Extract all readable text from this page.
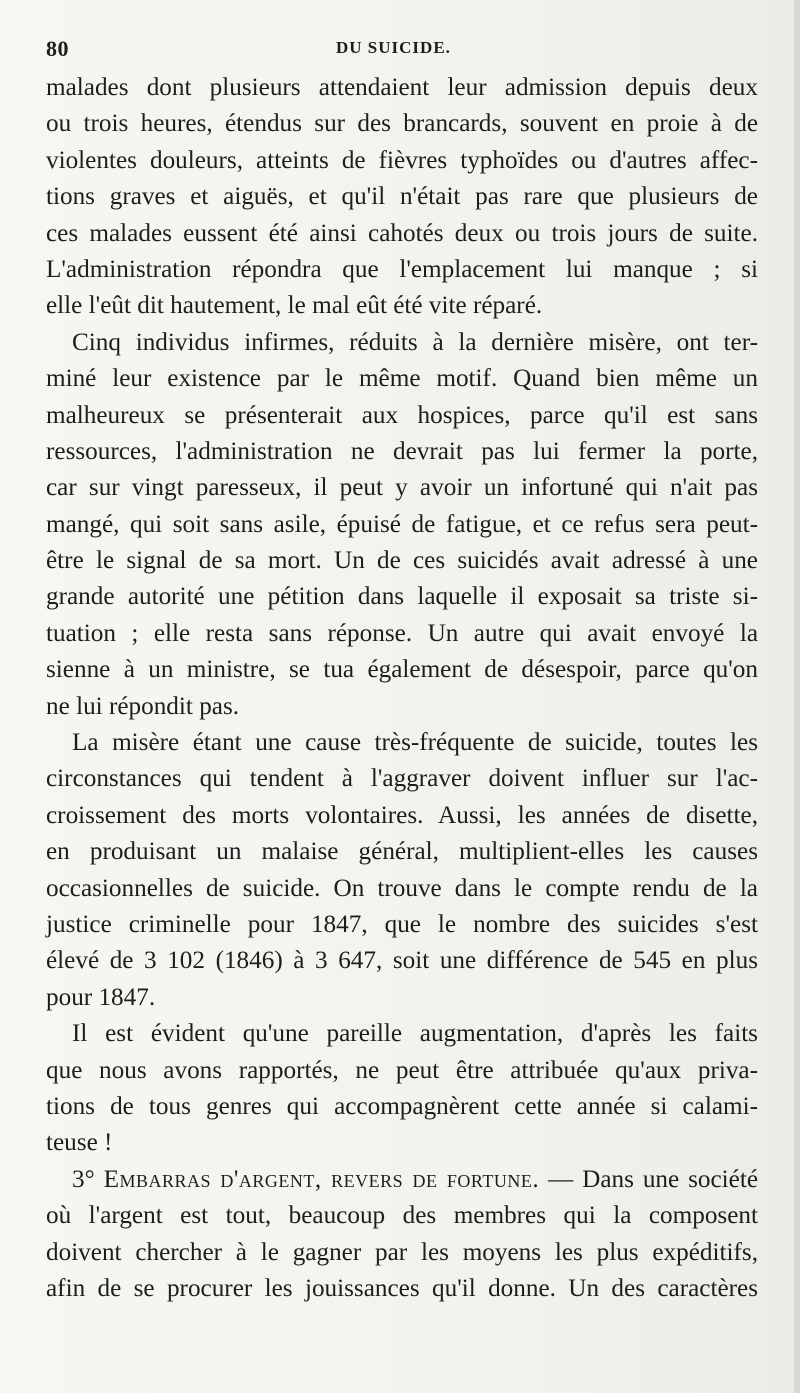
80	DU SUICIDE.
malades dont plusieurs attendaient leur admission depuis deux
ou trois heures, étendus sur des brancards, souvent en proie à de
violentes douleurs, atteints de fièvres typhoïdes ou d'autres affec-
tions graves et aiguës, et qu'il n'était pas rare que plusieurs de
ces malades eussent été ainsi cahotés deux ou trois jours de suite.
L'administration répondra que l'emplacement lui manque ; si
elle l'eût dit hautement, le mal eût été vite réparé.
Cinq individus infirmes, réduits à la dernière misère, ont ter-
miné leur existence par le même motif. Quand bien même un
malheureux se présenterait aux hospices, parce qu'il est sans
ressources, l'administration ne devrait pas lui fermer la porte,
car sur vingt paresseux, il peut y avoir un infortuné qui n'ait pas
mangé, qui soit sans asile, épuisé de fatigue, et ce refus sera peut-
être le signal de sa mort. Un de ces suicidés avait adressé à une
grande autorité une pétition dans laquelle il exposait sa triste si-
tuation ; elle resta sans réponse. Un autre qui avait envoyé la
sienne à un ministre, se tua également de désespoir, parce qu'on
ne lui répondit pas.
La misère étant une cause très-fréquente de suicide, toutes les
circonstances qui tendent à l'aggraver doivent influer sur l'ac-
croissement des morts volontaires. Aussi, les années de disette,
en produisant un malaise général, multiplient-elles les causes
occasionnelles de suicide. On trouve dans le compte rendu de la
justice criminelle pour 1847, que le nombre des suicides s'est
élevé de 3 102 (1846) à 3 647, soit une différence de 545 en plus
pour 1847.
Il est évident qu'une pareille augmentation, d'après les faits
que nous avons rapportés, ne peut être attribuée qu'aux priva-
tions de tous genres qui accompagnèrent cette année si calami-
teuse !
3° Embarras d'argent, revers de fortune. — Dans une société
où l'argent est tout, beaucoup des membres qui la composent
doivent chercher à le gagner par les moyens les plus expéditifs,
afin de se procurer les jouissances qu'il donne. Un des caractères
